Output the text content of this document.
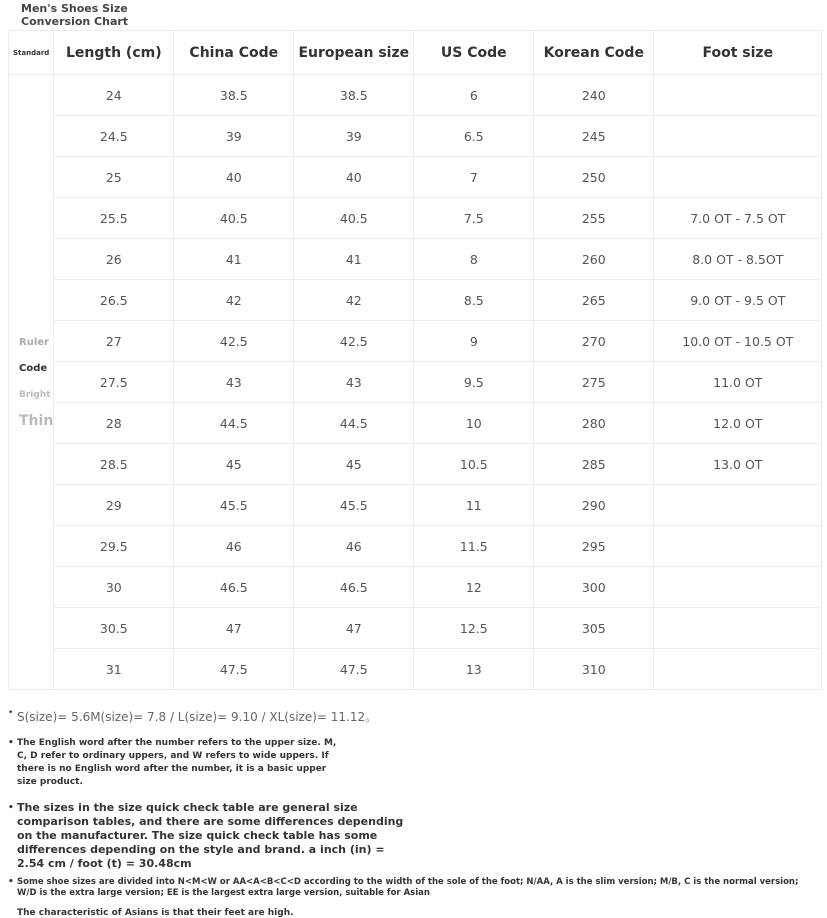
Men's Shoes Size Conversion Chart
Standard	Length (cm)	China Code	European size	US Code	Korean Code	Foot size

Ruler
Code
Bright
Thin	24	38.5	38.5	6	240	
	24.5	39	39	6.5	245	
	25	40	40	7	250	
	25.5	40.5	40.5	7.5	255	7.0 OT - 7.5 OT
	26	41	41	8	260	8.0 OT - 8.5OT
	26.5	42	42	8.5	265	9.0 OT - 9.5 OT
	27	42.5	42.5	9	270	10.0 OT - 10.5 OT
	27.5	43	43	9.5	275	11.0 OT
	28	44.5	44.5	10	280	12.0 OT
	28.5	45	45	10.5	285	13.0 OT
	29	45.5	45.5	11	290	
	29.5	46	46	11.5	295	
	30	46.5	46.5	12	300	
	30.5	47	47	12.5	305	
	31	47.5	47.5	13	310	
• S(size)= 5.6M(size)= 7.8 / L(size)= 9.10 / XL(size)= 11.12。
• The English word after the number refers to the upper size. M, C, D refer to ordinary uppers, and W refers to wide uppers. If there is no English word after the number, it is a basic upper size product.
• The sizes in the size quick check table are general size comparison tables, and there are some differences depending on the manufacturer. The size quick check table has some differences depending on the style and brand. a inch (in) = 2.54 cm / foot (t) = 30.48cm
• Some shoe sizes are divided into N<M<W or AA<A<B<C<D according to the width of the sole of the foot; N/AA, A is the slim version; M/B, C is the normal version; W/D is the extra large version; EE is the largest extra large version, suitable for Asian
The characteristic of Asians is that their feet are high.
